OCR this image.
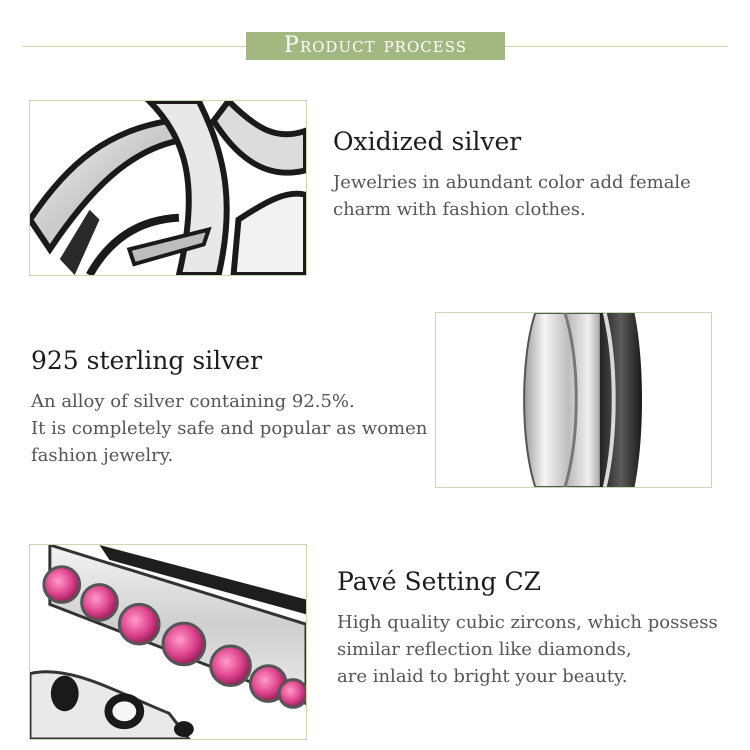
Product process
Oxidized silver
Jewelries in abundant color add female
charm with fashion clothes.
925 sterling silver
An alloy of silver containing 92.5%.
It is completely safe and popular as women
fashion jewelry.
Pavé Setting CZ
High quality cubic zircons, which possess
similar reflection like diamonds,
are inlaid to bright your beauty.
